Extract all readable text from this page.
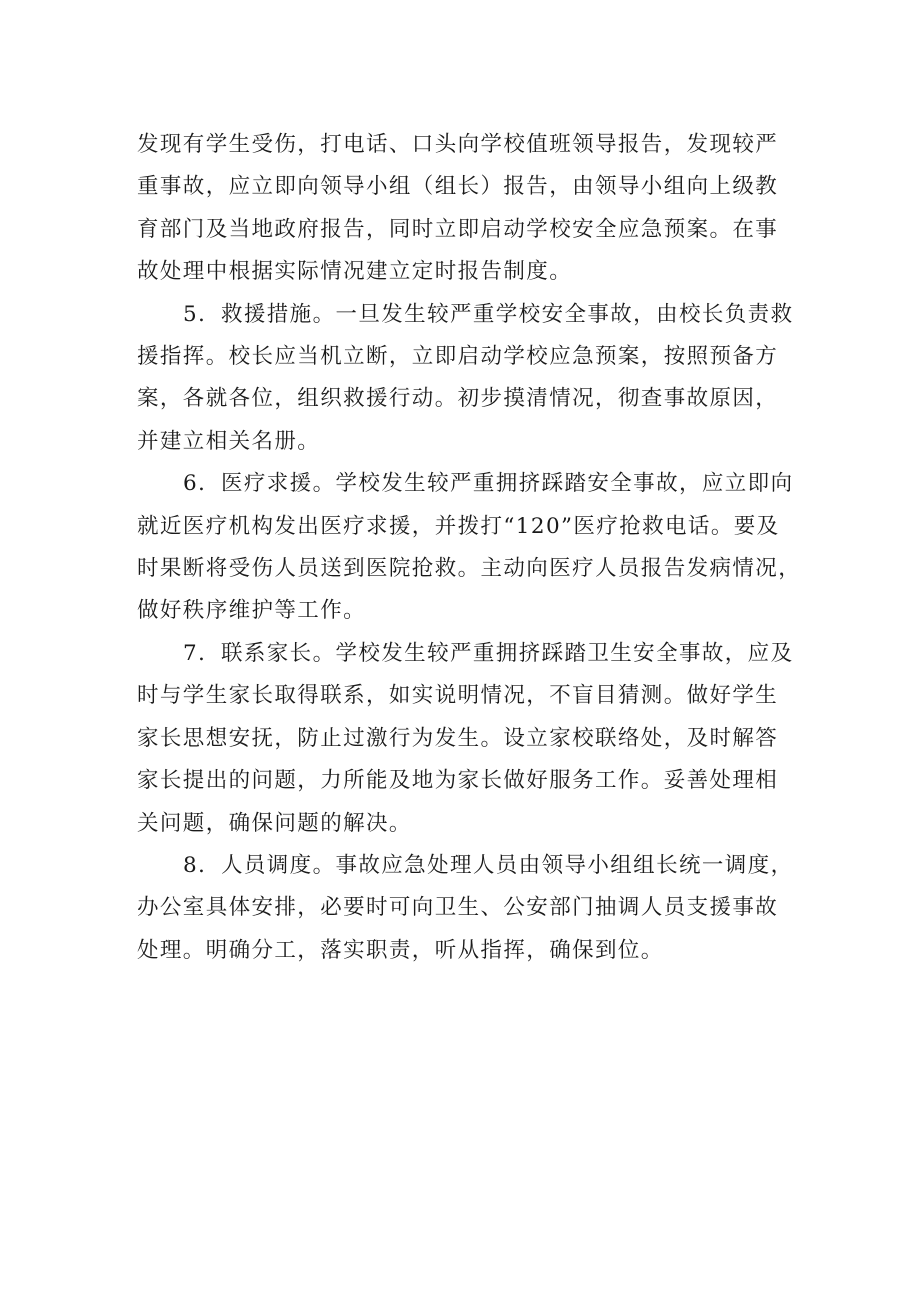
发现有学生受伤，打电话、口头向学校值班领导报告，发现较严
重事故，应立即向领导小组（组长）报告，由领导小组向上级教
育部门及当地政府报告，同时立即启动学校安全应急预案。在事
故处理中根据实际情况建立定时报告制度。

5．救援措施。一旦发生较严重学校安全事故，由校长负责救
援指挥。校长应当机立断，立即启动学校应急预案，按照预备方
案，各就各位，组织救援行动。初步摸清情况，彻查事故原因，
并建立相关名册。

6．医疗求援。学校发生较严重拥挤踩踏安全事故，应立即向
就近医疗机构发出医疗求援，并拨打“120”医疗抢救电话。要及
时果断将受伤人员送到医院抢救。主动向医疗人员报告发病情况，
做好秩序维护等工作。

7．联系家长。学校发生较严重拥挤踩踏卫生安全事故，应及
时与学生家长取得联系，如实说明情况，不盲目猜测。做好学生
家长思想安抚，防止过激行为发生。设立家校联络处，及时解答
家长提出的问题，力所能及地为家长做好服务工作。妥善处理相
关问题，确保问题的解决。

8．人员调度。事故应急处理人员由领导小组组长统一调度，
办公室具体安排，必要时可向卫生、公安部门抽调人员支援事故
处理。明确分工，落实职责，听从指挥，确保到位。
